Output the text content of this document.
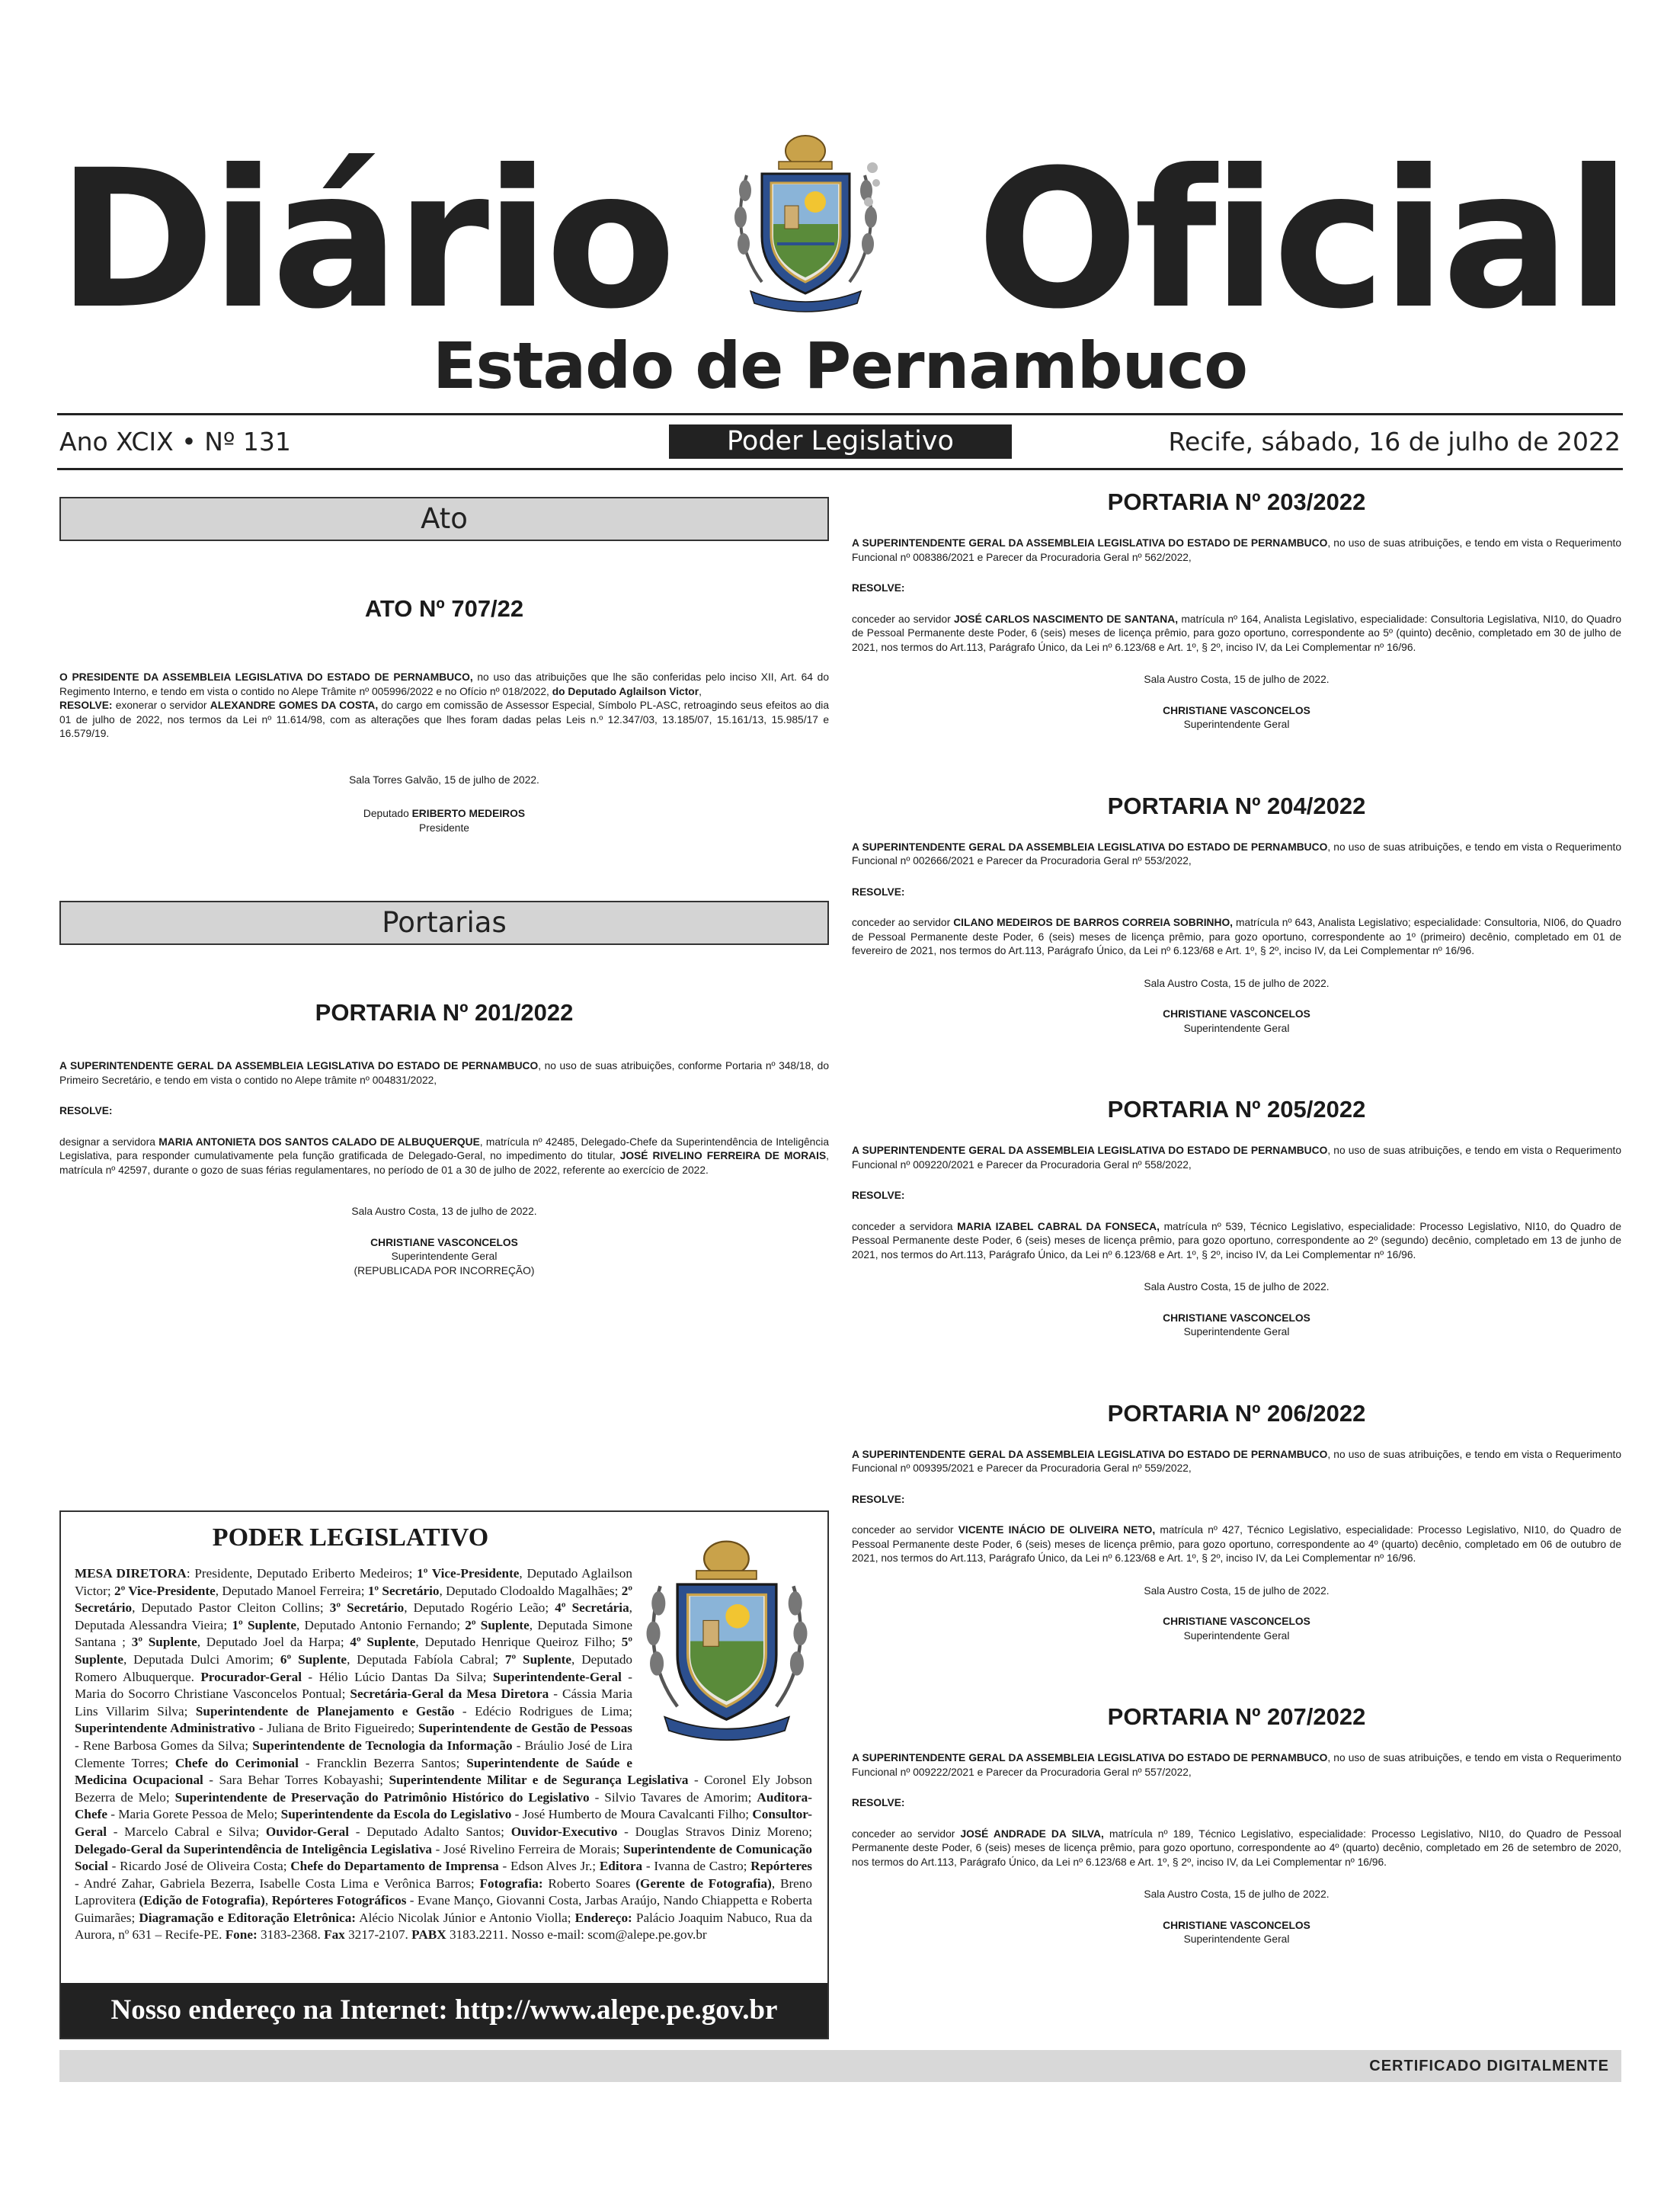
Diário Oficial
Estado de Pernambuco
Ano XCIX • Nº 131	Poder Legislativo	Recife, sábado, 16 de julho de 2022
Ato
ATO Nº 707/22

O PRESIDENTE DA ASSEMBLEIA LEGISLATIVA DO ESTADO DE PERNAMBUCO, no uso das atribuições que lhe são conferidas pelo inciso XII, Art. 64 do Regimento Interno, e tendo em vista o contido no Alepe Trâmite nº 005996/2022 e no Ofício nº 018/2022, do Deputado Aglailson Victor,

RESOLVE: exonerar o servidor ALEXANDRE GOMES DA COSTA, do cargo em comissão de Assessor Especial, Símbolo PL-ASC, retroagindo seus efeitos ao dia 01 de julho de 2022, nos termos da Lei nº 11.614/98, com as alterações que lhes foram dadas pelas Leis n.º 12.347/03, 13.185/07, 15.161/13, 15.985/17 e 16.579/19.

Sala Torres Galvão, 15 de julho de 2022.
Deputado ERIBERTO MEDEIROS
Presidente
Portarias
PORTARIA Nº 201/2022

A SUPERINTENDENTE GERAL DA ASSEMBLEIA LEGISLATIVA DO ESTADO DE PERNAMBUCO, no uso de suas atribuições, conforme Portaria nº 348/18, do Primeiro Secretário, e tendo em vista o contido no Alepe trâmite nº 004831/2022,

RESOLVE:

designar a servidora MARIA ANTONIETA DOS SANTOS CALADO DE ALBUQUERQUE, matrícula nº 42485, Delegado-Chefe da Superintendência de Inteligência Legislativa, para responder cumulativamente pela função gratificada de Delegado-Geral, no impedimento do titular, JOSÉ RIVELINO FERREIRA DE MORAIS, matrícula nº 42597, durante o gozo de suas férias regulamentares, no período de 01 a 30 de julho de 2022, referente ao exercício de 2022.

Sala Austro Costa, 13 de julho de 2022.
CHRISTIANE VASCONCELOS
Superintendente Geral
(REPUBLICADA POR INCORREÇÃO)
PORTARIA Nº 203/2022

A SUPERINTENDENTE GERAL DA ASSEMBLEIA LEGISLATIVA DO ESTADO DE PERNAMBUCO, no uso de suas atribuições, e tendo em vista o Requerimento Funcional nº 008386/2021 e Parecer da Procuradoria Geral nº 562/2022,

RESOLVE:

conceder ao servidor JOSÉ CARLOS NASCIMENTO DE SANTANA, matrícula nº 164, Analista Legislativo, especialidade: Consultoria Legislativa, NI10, do Quadro de Pessoal Permanente deste Poder, 6 (seis) meses de licença prêmio, para gozo oportuno, correspondente ao 5º (quinto) decênio, completado em 30 de julho de 2021, nos termos do Art.113, Parágrafo Único, da Lei nº 6.123/68 e Art. 1º, § 2º, inciso IV, da Lei Complementar nº 16/96.

Sala Austro Costa, 15 de julho de 2022.
CHRISTIANE VASCONCELOS
Superintendente Geral
PORTARIA Nº 204/2022

A SUPERINTENDENTE GERAL DA ASSEMBLEIA LEGISLATIVA DO ESTADO DE PERNAMBUCO, no uso de suas atribuições, e tendo em vista o Requerimento Funcional nº 002666/2021 e Parecer da Procuradoria Geral nº 553/2022,

RESOLVE:

conceder ao servidor CILANO MEDEIROS DE BARROS CORREIA SOBRINHO, matrícula nº 643, Analista Legislativo; especialidade: Consultoria, NI06, do Quadro de Pessoal Permanente deste Poder, 6 (seis) meses de licença prêmio, para gozo oportuno, correspondente ao 1º (primeiro) decênio, completado em 01 de fevereiro de 2021, nos termos do Art.113, Parágrafo Único, da Lei nº 6.123/68 e Art. 1º, § 2º, inciso IV, da Lei Complementar nº 16/96.

Sala Austro Costa, 15 de julho de 2022.
CHRISTIANE VASCONCELOS
Superintendente Geral
PORTARIA Nº 205/2022

A SUPERINTENDENTE GERAL DA ASSEMBLEIA LEGISLATIVA DO ESTADO DE PERNAMBUCO, no uso de suas atribuições, e tendo em vista o Requerimento Funcional nº 009220/2021 e Parecer da Procuradoria Geral nº 558/2022,

RESOLVE:

conceder a servidora MARIA IZABEL CABRAL DA FONSECA, matrícula nº 539, Técnico Legislativo, especialidade: Processo Legislativo, NI10, do Quadro de Pessoal Permanente deste Poder, 6 (seis) meses de licença prêmio, para gozo oportuno, correspondente ao 2º (segundo) decênio, completado em 13 de junho de 2021, nos termos do Art.113, Parágrafo Único, da Lei nº 6.123/68 e Art. 1º, § 2º, inciso IV, da Lei Complementar nº 16/96.

Sala Austro Costa, 15 de julho de 2022.
CHRISTIANE VASCONCELOS
Superintendente Geral
PORTARIA Nº 206/2022

A SUPERINTENDENTE GERAL DA ASSEMBLEIA LEGISLATIVA DO ESTADO DE PERNAMBUCO, no uso de suas atribuições, e tendo em vista o Requerimento Funcional nº 009395/2021 e Parecer da Procuradoria Geral nº 559/2022,

RESOLVE:

conceder ao servidor VICENTE INÁCIO DE OLIVEIRA NETO, matrícula nº 427, Técnico Legislativo, especialidade: Processo Legislativo, NI10, do Quadro de Pessoal Permanente deste Poder, 6 (seis) meses de licença prêmio, para gozo oportuno, correspondente ao 4º (quarto) decênio, completado em 06 de outubro de 2021, nos termos do Art.113, Parágrafo Único, da Lei nº 6.123/68 e Art. 1º, § 2º, inciso IV, da Lei Complementar nº 16/96.

Sala Austro Costa, 15 de julho de 2022.
CHRISTIANE VASCONCELOS
Superintendente Geral
PORTARIA Nº 207/2022

A SUPERINTENDENTE GERAL DA ASSEMBLEIA LEGISLATIVA DO ESTADO DE PERNAMBUCO, no uso de suas atribuições, e tendo em vista o Requerimento Funcional nº 009222/2021 e Parecer da Procuradoria Geral nº 557/2022,

RESOLVE:

conceder ao servidor JOSÉ ANDRADE DA SILVA, matrícula nº 189, Técnico Legislativo, especialidade: Processo Legislativo, NI10, do Quadro de Pessoal Permanente deste Poder, 6 (seis) meses de licença prêmio, para gozo oportuno, correspondente ao 4º (quarto) decênio, completado em 26 de setembro de 2020, nos termos do Art.113, Parágrafo Único, da Lei nº 6.123/68 e Art. 1º, § 2º, inciso IV, da Lei Complementar nº 16/96.

Sala Austro Costa, 15 de julho de 2022.
CHRISTIANE VASCONCELOS
Superintendente Geral
PODER LEGISLATIVO
MESA DIRETORA: Presidente, Deputado Eriberto Medeiros; 1º Vice-Presidente, Deputado Aglailson Victor; 2º Vice-Presidente, Deputado Manoel Ferreira; 1º Secretário, Deputado Clodoaldo Magalhães; 2º Secretário, Deputado Pastor Cleiton Collins; 3º Secretário, Deputado Rogério Leão; 4º Secretária, Deputada Alessandra Vieira; 1º Suplente, Deputado Antonio Fernando; 2º Suplente, Deputada Simone Santana ; 3º Suplente, Deputado Joel da Harpa; 4º Suplente, Deputado Henrique Queiroz Filho; 5º Suplente, Deputada Dulci Amorim; 6º Suplente, Deputada Fabíola Cabral; 7º Suplente, Deputado Romero Albuquerque. Procurador-Geral - Hélio Lúcio Dantas Da Silva; Superintendente-Geral - Maria do Socorro Christiane Vasconcelos Pontual; Secretária-Geral da Mesa Diretora - Cássia Maria Lins Villarim Silva; Superintendente de Planejamento e Gestão - Edécio Rodrigues de Lima; Superintendente Administrativo - Juliana de Brito Figueiredo; Superintendente de Gestão de Pessoas - Rene Barbosa Gomes da Silva; Superintendente de Tecnologia da Informação - Bráulio José de Lira Clemente Torres; Chefe do Cerimonial - Francklin Bezerra Santos; Superintendente de Saúde e Medicina Ocupacional - Sara Behar Torres Kobayashi; Superintendente Militar e de Segurança Legislativa - Coronel Ely Jobson Bezerra de Melo; Superintendente de Preservação do Patrimônio Histórico do Legislativo - Silvio Tavares de Amorim; Auditora-Chefe - Maria Gorete Pessoa de Melo; Superintendente da Escola do Legislativo - José Humberto de Moura Cavalcanti Filho; Consultor-Geral - Marcelo Cabral e Silva; Ouvidor-Geral - Deputado Adalto Santos; Ouvidor-Executivo - Douglas Stravos Diniz Moreno; Delegado-Geral da Superintendência de Inteligência Legislativa - José Rivelino Ferreira de Morais; Superintendente de Comunicação Social - Ricardo José de Oliveira Costa; Chefe do Departamento de Imprensa - Edson Alves Jr.; Editora - Ivanna de Castro; Repórteres - André Zahar, Gabriela Bezerra, Isabelle Costa Lima e Verônica Barros; Fotografia: Roberto Soares (Gerente de Fotografia), Breno Laprovitera (Edição de Fotografia), Repórteres Fotográficos - Evane Manço, Giovanni Costa, Jarbas Araújo, Nando Chiappetta e Roberta Guimarães; Diagramação e Editoração Eletrônica: Alécio Nicolak Júnior e Antonio Violla; Endereço: Palácio Joaquim Nabuco, Rua da Aurora, nº 631 – Recife-PE. Fone: 3183-2368. Fax 3217-2107. PABX 3183.2211. Nosso e-mail: scom@alepe.pe.gov.br
Nosso endereço na Internet: http://www.alepe.pe.gov.br
CERTIFICADO DIGITALMENTE
